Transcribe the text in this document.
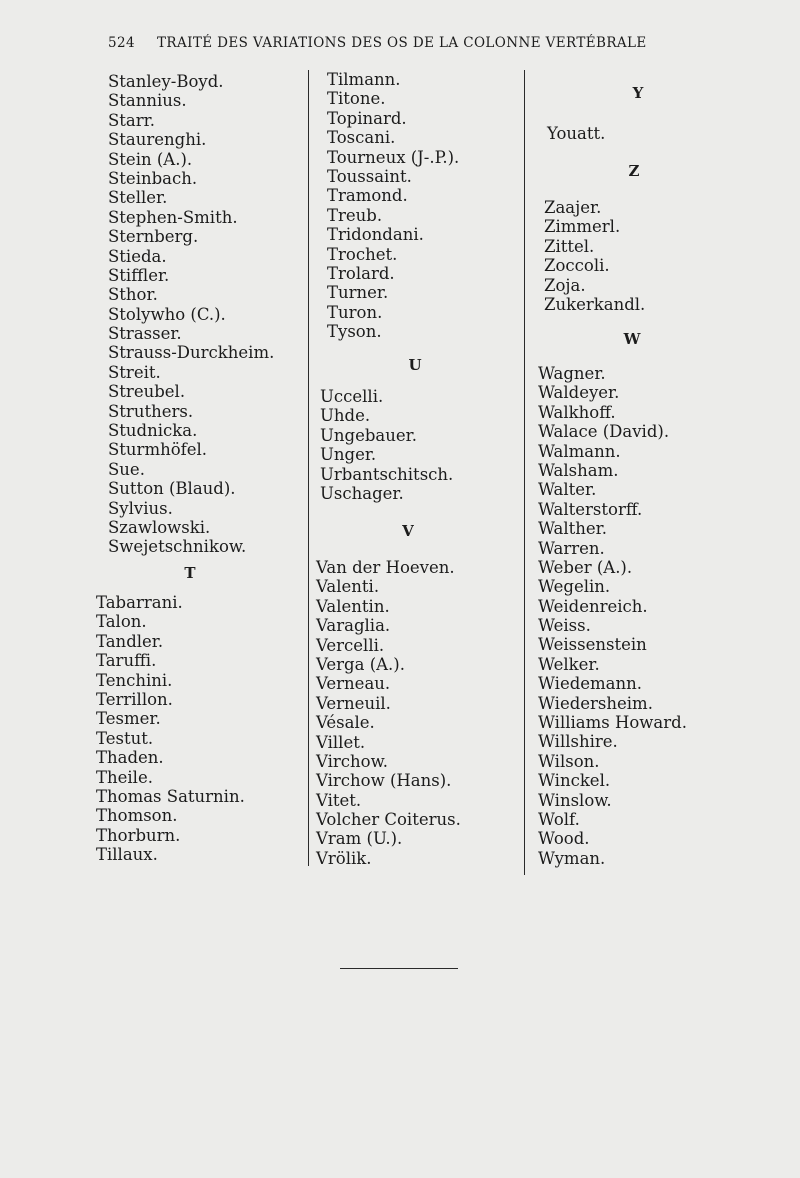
524 TRAITÉ DES VARIATIONS DES OS DE LA COLONNE VERTÉBRALE
Stanley-Boyd.
Stannius.
Starr.
Staurenghi.
Stein (A.).
Steinbach.
Steller.
Stephen-Smith.
Sternberg.
Stieda.
Stiffler.
Sthor.
Stolywho (C.).
Strasser.
Strauss-Durckheim.
Streit.
Streubel.
Struthers.
Studnicka.
Sturmhöfel.
Sue.
Sutton (Blaud).
Sylvius.
Szawlowski.
Swejetschnikow.
T
Tabarrani.
Talon.
Tandler.
Taruffi.
Tenchini.
Terrillon.
Tesmer.
Testut.
Thaden.
Theile.
Thomas Saturnin.
Thomson.
Thorburn.
Tillaux.
Tilmann.
Titone.
Topinard.
Toscani.
Tourneux (J-.P.).
Toussaint.
Tramond.
Treub.
Tridondani.
Trochet.
Trolard.
Turner.
Turon.
Tyson.
U
Uccelli.
Uhde.
Ungebauer.
Unger.
Urbantschitsch.
Uschager.
V
Van der Hoeven.
Valenti.
Valentin.
Varaglia.
Vercelli.
Verga (A.).
Verneau.
Verneuil.
Vésale.
Villet.
Virchow.
Virchow (Hans).
Vitet.
Volcher Coiterus.
Vram (U.).
Vrölik.
Y
Youatt.
Z
Zaajer.
Zimmerl.
Zittel.
Zoccoli.
Zoja.
Zukerkandl.
W
Wagner.
Waldeyer.
Walkhoff.
Walace (David).
Walmann.
Walsham.
Walter.
Walterstorff.
Walther.
Warren.
Weber (A.).
Wegelin.
Weidenreich.
Weiss.
Weissenstein
Welker.
Wiedemann.
Wiedersheim.
Williams Howard.
Willshire.
Wilson.
Winckel.
Winslow.
Wolf.
Wood.
Wyman.
